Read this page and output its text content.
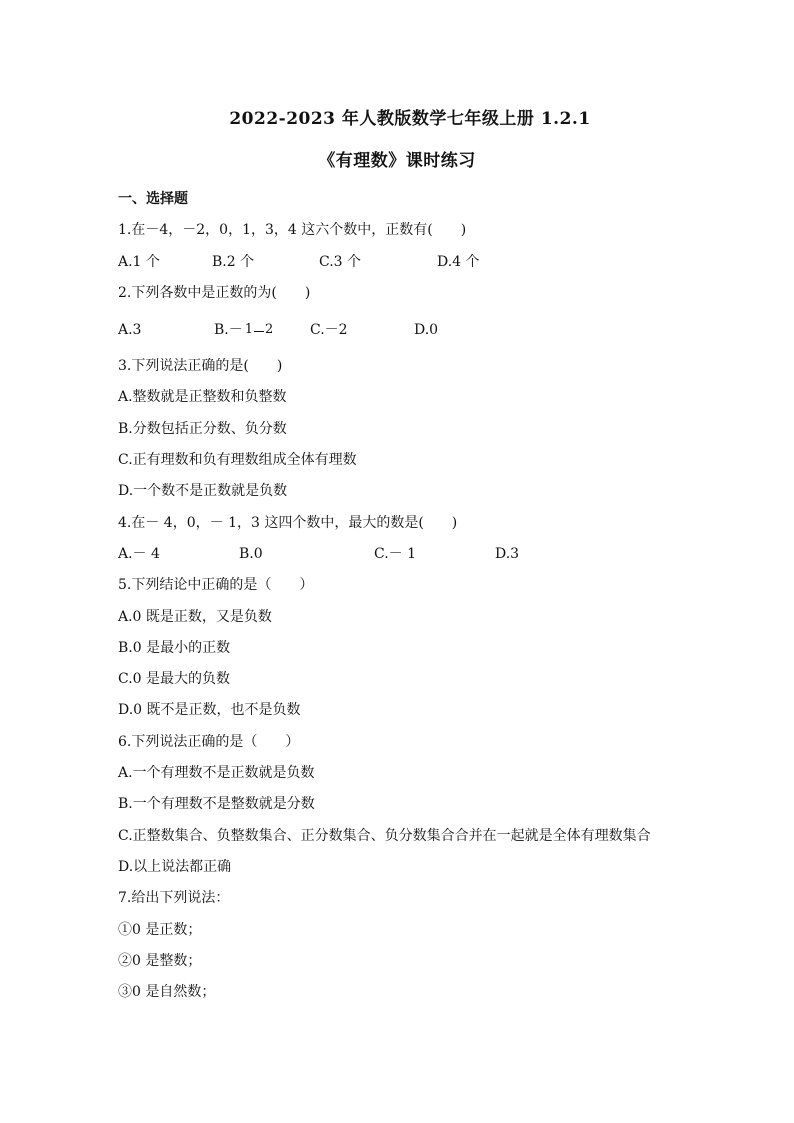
2022-2023 年人教版数学七年级上册 1.2.1
《有理数》课时练习
一、选择题
1.在－4，－2，0，1，3，4 这六个数中，正数有(　　)
A.1 个	B.2 个	C.3 个	D.4 个
2.下列各数中是正数的为(　　)
A.3	B.－ 1 2	C.－2	D.0
3.下列说法正确的是(　　)
A.整数就是正整数和负整数
B.分数包括正分数、负分数
C.正有理数和负有理数组成全体有理数
D.一个数不是正数就是负数
4.在－ 4，0，－ 1，3 这四个数中，最大的数是(　　)
A.－ 4	B.0	C.－ 1	D.3
5.下列结论中正确的是（　　）
A.0 既是正数，又是负数
B.0 是最小的正数
C.0 是最大的负数
D.0 既不是正数，也不是负数
6.下列说法正确的是（　　）
A.一个有理数不是正数就是负数
B.一个有理数不是整数就是分数
C.正整数集合、负整数集合、正分数集合、负分数集合合并在一起就是全体有理数集合
D.以上说法都正确
7.给出下列说法：
①0 是正数；
②0 是整数；
③0 是自然数；
